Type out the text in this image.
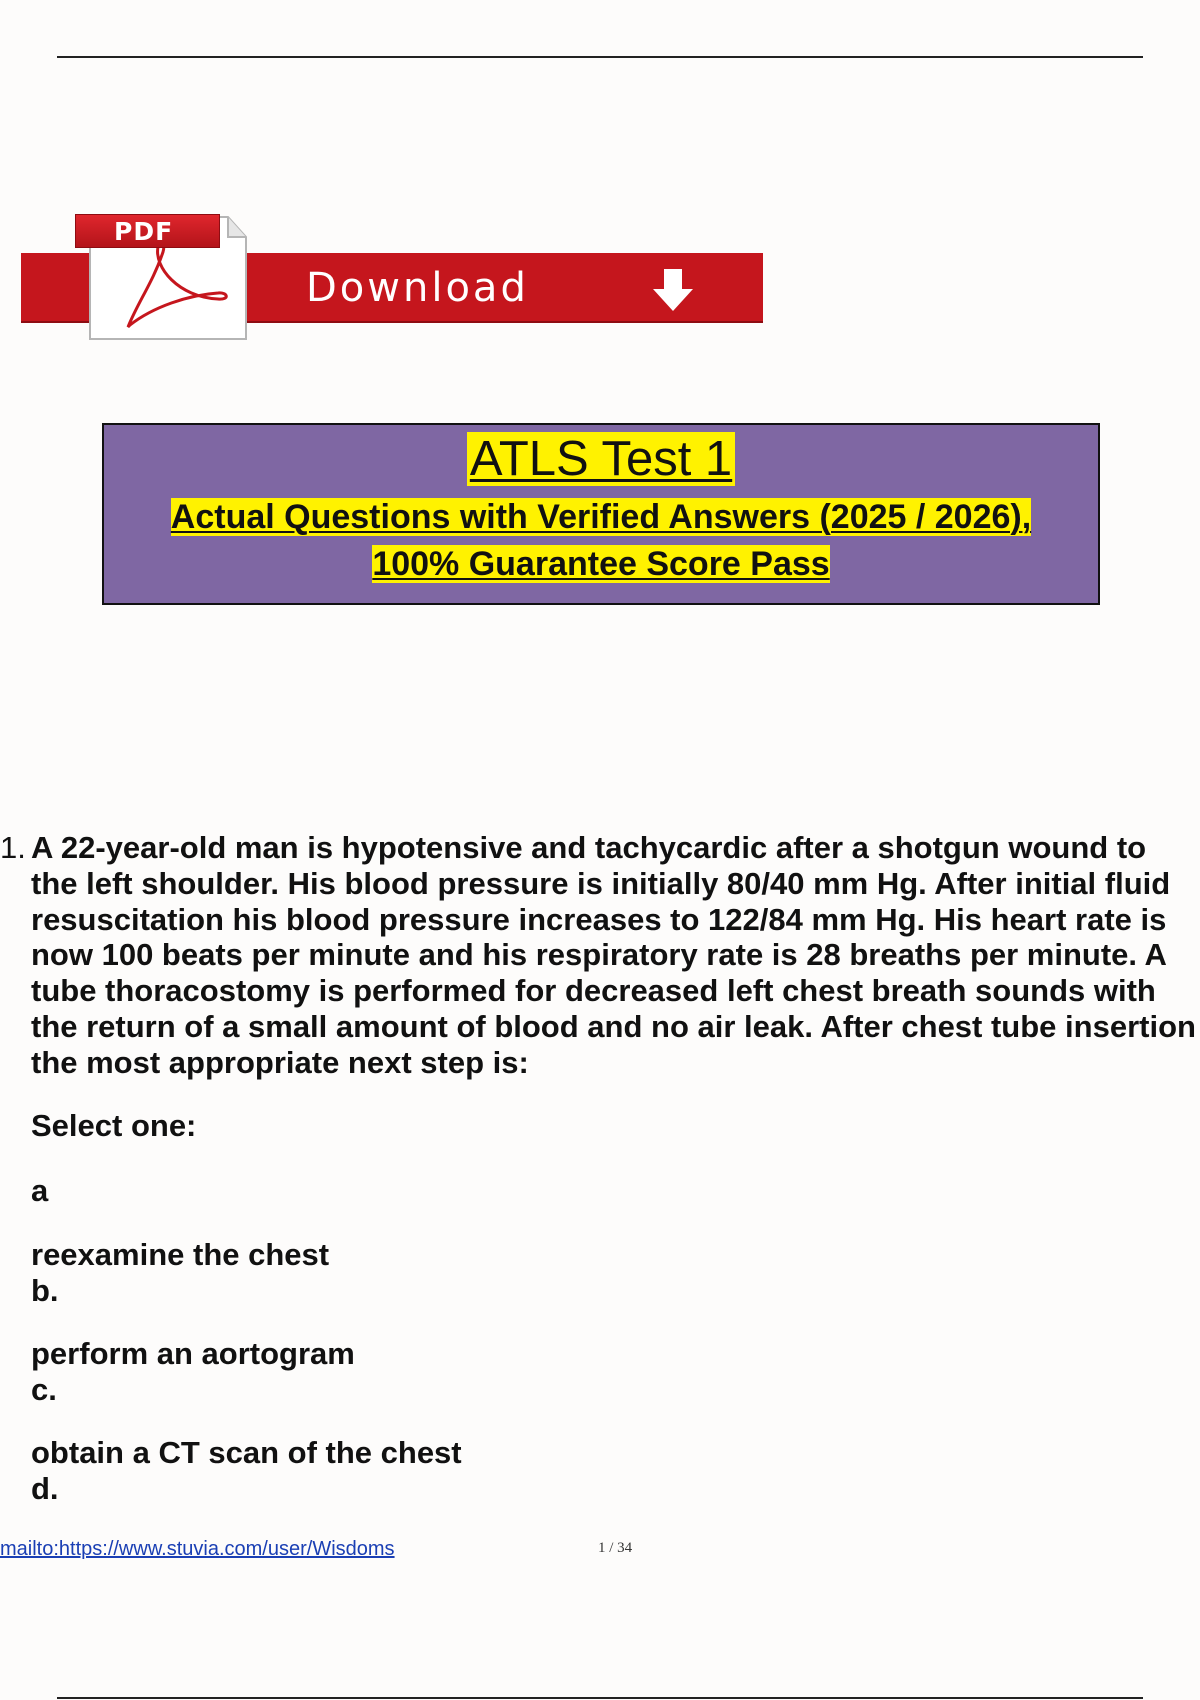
PDF
Download
ATLS Test 1
Actual Questions with Verified Answers (2025 / 2026),
100% Guarantee Score Pass
1. A 22-year-old man is hypotensive and tachycardic after a shotgun wound to
the left shoulder. His blood pressure is initially 80/40 mm Hg. After initial fluid
resuscitation his blood pressure increases to 122/84 mm Hg. His heart rate is
now 100 beats per minute and his respiratory rate is 28 breaths per minute. A
tube thoracostomy is performed for decreased left chest breath sounds with
the return of a small amount of blood and no air leak. After chest tube insertion
the most appropriate next step is:
Select one:
a
reexamine the chest
b.
perform an aortogram
c.
obtain a CT scan of the chest
d.
mailto:https://www.stuvia.com/user/Wisdoms	1 / 34
